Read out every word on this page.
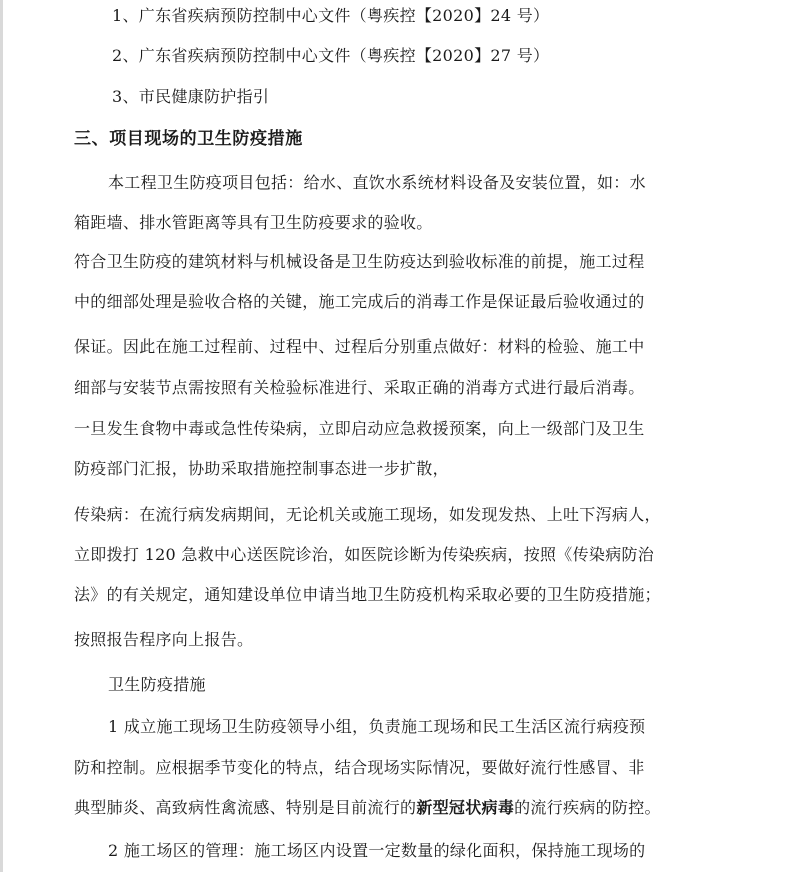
1、广东省疾病预防控制中心文件（粤疾控【2020】24 号）
2、广东省疾病预防控制中心文件（粤疾控【2020】27 号）
3、市民健康防护指引
三、项目现场的卫生防疫措施
本工程卫生防疫项目包括：给水、直饮水系统材料设备及安装位置，如：水
箱距墙、排水管距离等具有卫生防疫要求的验收。
符合卫生防疫的建筑材料与机械设备是卫生防疫达到验收标准的前提，施工过程
中的细部处理是验收合格的关键，施工完成后的消毒工作是保证最后验收通过的
保证。因此在施工过程前、过程中、过程后分别重点做好：材料的检验、施工中
细部与安装节点需按照有关检验标准进行、采取正确的消毒方式进行最后消毒。
一旦发生食物中毒或急性传染病，立即启动应急救援预案，向上一级部门及卫生
防疫部门汇报，协助采取措施控制事态进一步扩散，
传染病：在流行病发病期间，无论机关或施工现场，如发现发热、上吐下泻病人，
立即拨打 120 急救中心送医院诊治，如医院诊断为传染疾病，按照《传染病防治
法》的有关规定，通知建设单位申请当地卫生防疫机构采取必要的卫生防疫措施；
按照报告程序向上报告。
卫生防疫措施
1 成立施工现场卫生防疫领导小组，负责施工现场和民工生活区流行病疫预
防和控制。应根据季节变化的特点，结合现场实际情况，要做好流行性感冒、非
典型肺炎、高致病性禽流感、特别是目前流行的新型冠状病毒的流行疾病的防控。
2 施工场区的管理：施工场区内设置一定数量的绿化面积，保持施工现场的
